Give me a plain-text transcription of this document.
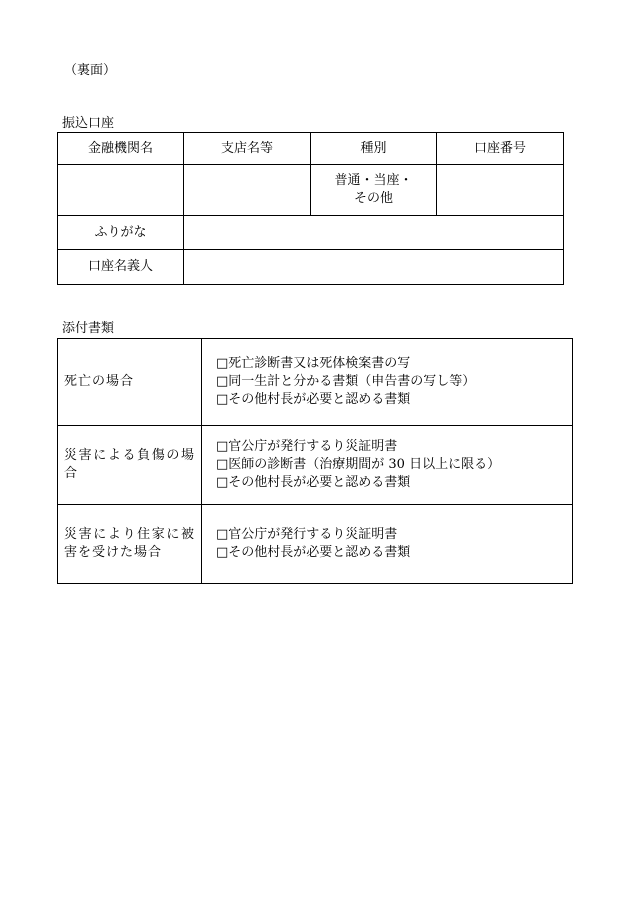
（裏面）
振込口座
金融機関名	支店名等	種別	口座番号

		普通・当座・
その他	

ふりがな			
口座名義人			
添付書類
死亡の場合	□死亡診断書又は死体検案書の写
□同一生計と分かる書類（申告書の写し等）
□その他村長が必要と認める書類

災害による負傷の場合	□官公庁が発行するり災証明書
□医師の診断書（治療期間が 30 日以上に限る）
□その他村長が必要と認める書類

災害により住家に被害を受けた場合	□官公庁が発行するり災証明書
□その他村長が必要と認める書類
